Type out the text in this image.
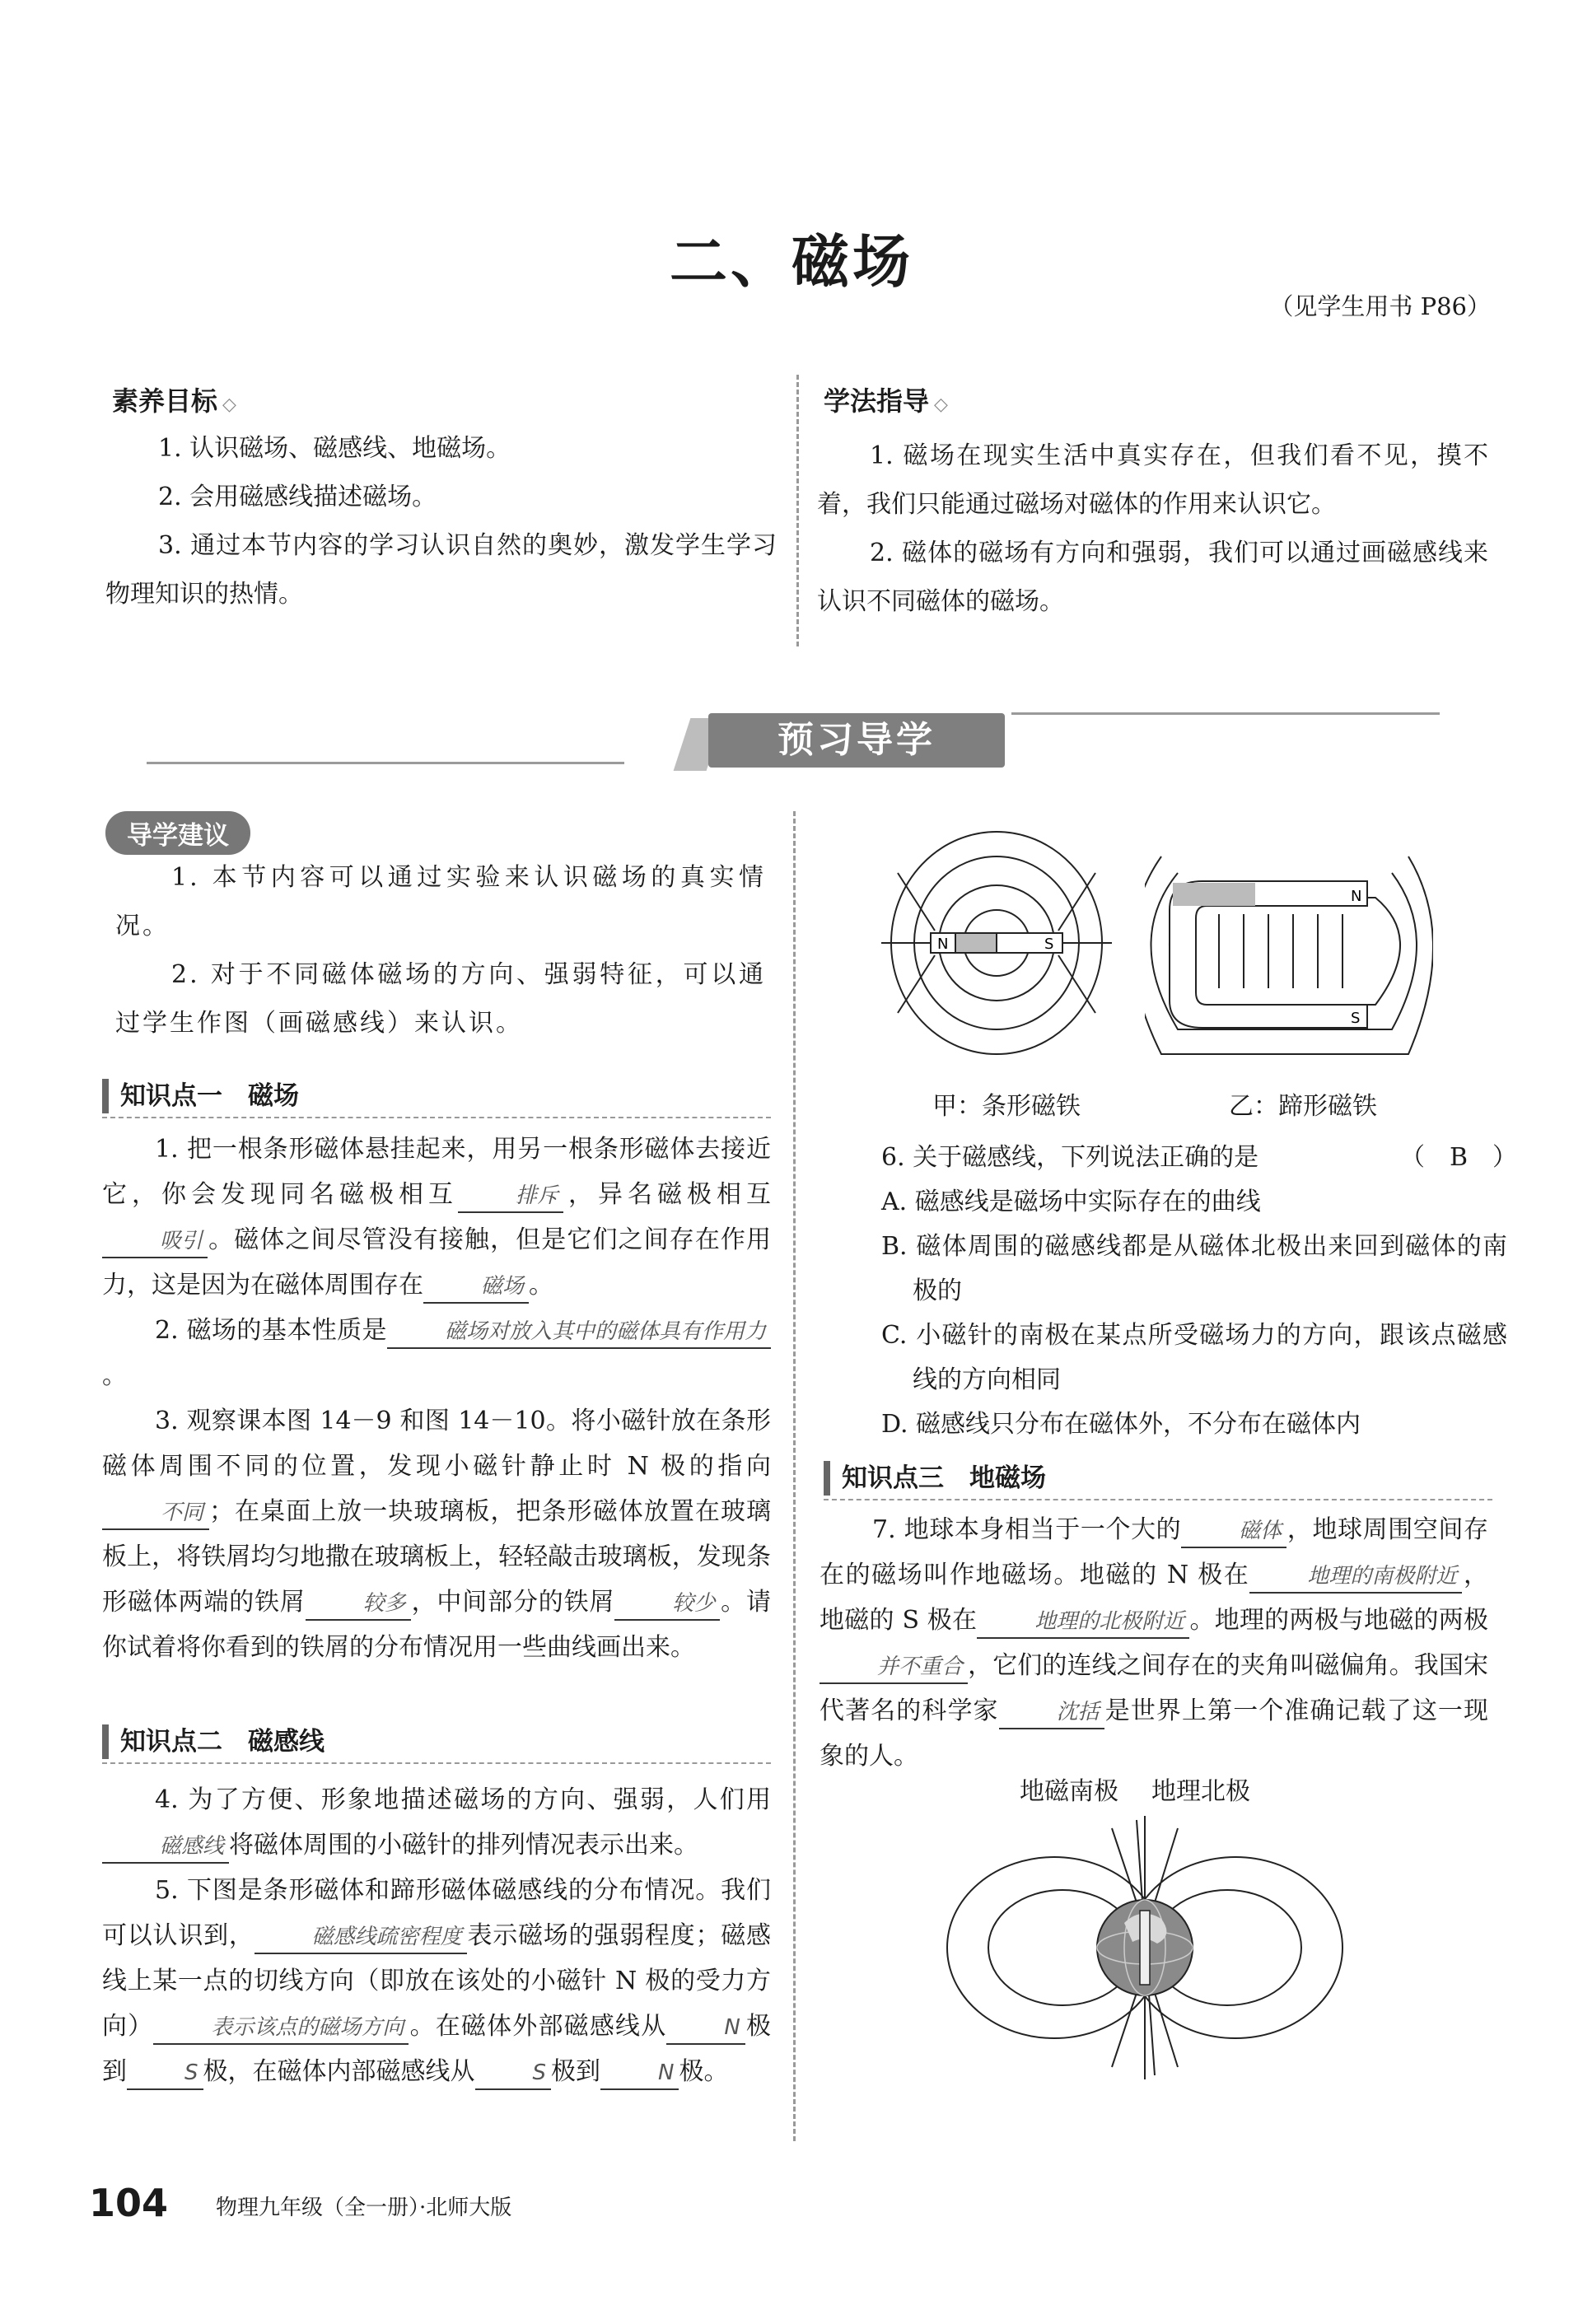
二、磁场
（见学生用书 P86）
素养目标 ◇
1. 认识磁场、磁感线、地磁场。
2. 会用磁感线描述磁场。
3. 通过本节内容的学习认识自然的奥妙，激发学生学习物理知识的热情。
学法指导 ◇
1. 磁场在现实生活中真实存在，但我们看不见，摸不着，我们只能通过磁场对磁体的作用来认识它。
2. 磁体的磁场有方向和强弱，我们可以通过画磁感线来认识不同磁体的磁场。
预习导学
导学建议
1. 本节内容可以通过实验来认识磁场的真实情况。
2. 对于不同磁体磁场的方向、强弱特征，可以通过学生作图（画磁感线）来认识。
知识点一　磁场
1. 把一根条形磁体悬挂起来，用另一根条形磁体去接近它，你会发现同名磁极相互	排斥 ，异名磁极相互吸引 。磁体之间尽管没有接触，但是它们之间存在作用力，这是因为在磁体周围存在	磁场 。
2. 磁场的基本性质是	磁场对放入其中的磁体具有作用力。
3. 观察课本图 14－9 和图 14－10。将小磁针放在条形磁体周围不同的位置，发现小磁针静止时 N 极的指向不同 ；在桌面上放一块玻璃板，把条形磁体放置在玻璃板上，将铁屑均匀地撒在玻璃板上，轻轻敲击玻璃板，发现条形磁体两端的铁屑	较多 ，中间部分的铁屑	较少 。请你试着将你看到的铁屑的分布情况用一些曲线画出来。
知识点二　磁感线
4. 为了方便、形象地描述磁场的方向、强弱，人们用磁感线 将磁体周围的小磁针的排列情况表示出来。
5. 下图是条形磁体和蹄形磁体磁感线的分布情况。我们可以认识到，	磁感线疏密程度 表示磁场的强弱程度；磁感线上某一点的切线方向（即放在该处的小磁针 N 极的受力方向）	表示该点的磁场方向 。在磁体外部磁感线从	N 极到	S 极，在磁体内部磁感线从	S 极到	N 极。
N	S
N
S
甲：条形磁铁	乙：蹄形磁铁
6. 关于磁感线，下列说法正确的是	（　B　）
A. 磁感线是磁场中实际存在的曲线
B. 磁体周围的磁感线都是从磁体北极出来回到磁体的南极的
C. 小磁针的南极在某点所受磁场力的方向，跟该点磁感线的方向相同
D. 磁感线只分布在磁体外，不分布在磁体内
知识点三　地磁场
7. 地球本身相当于一个大的	磁体 ，地球周围空间存在的磁场叫作地磁场。地磁的 N 极在	地理的南极附近 ，地磁的 S 极在	地理的北极附近 。地理的两极与地磁的两极并不重合 ，它们的连线之间存在的夹角叫磁偏角。我国宋代著名的科学家	沈括 是世界上第一个准确记载了这一现象的人。
地磁南极 地理北极
104 物理九年级（全一册）·北师大版
